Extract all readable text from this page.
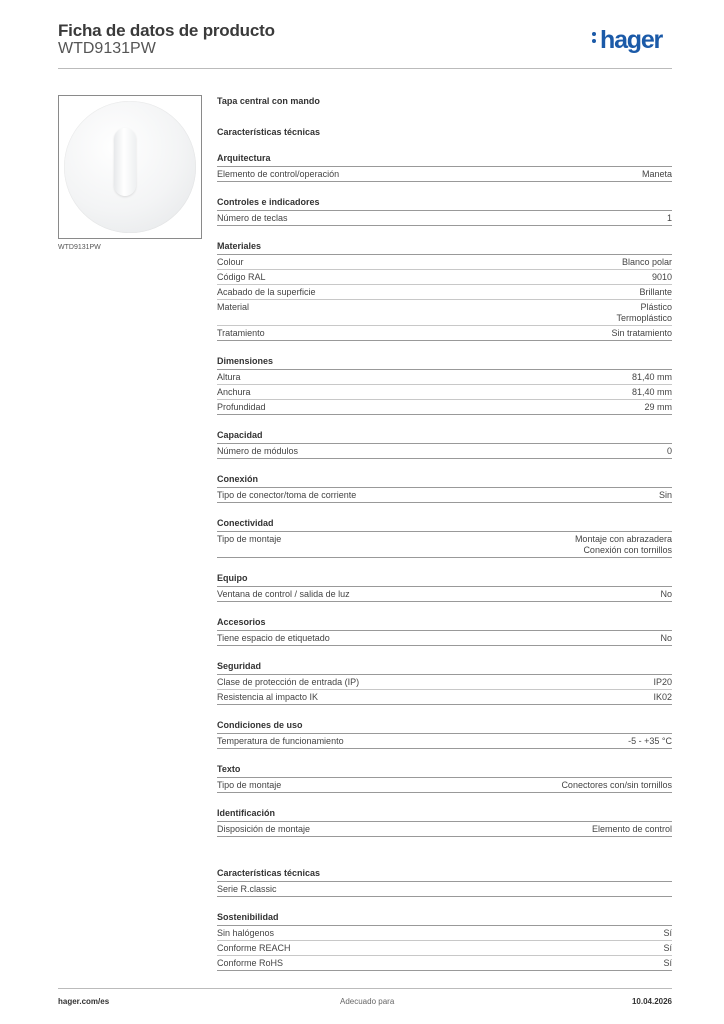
Ficha de datos de producto
WTD9131PW	hager
WTD9131PW
Tapa central con mando
Características técnicas
Arquitectura
Elemento de control/operación	Maneta
Controles e indicadores
Número de teclas	1
Materiales
Colour	Blanco polar
Código RAL	9010
Acabado de la superficie	Brillante
Material	Plástico
Termoplástico
Tratamiento	Sin tratamiento
Dimensiones
Altura	81,40 mm
Anchura	81,40 mm
Profundidad	29 mm
Capacidad
Número de módulos	0
Conexión
Tipo de conector/toma de corriente	Sin
Conectividad
Tipo de montaje	Montaje con abrazadera
Conexión con tornillos
Equipo
Ventana de control / salida de luz	No
Accesorios
Tiene espacio de etiquetado	No
Seguridad
Clase de protección de entrada (IP)	IP20
Resistencia al impacto IK	IK02
Condiciones de uso
Temperatura de funcionamiento	-5 - +35 °C
Texto
Tipo de montaje	Conectores con/sin tornillos
Identificación
Disposición de montaje	Elemento de control
Características técnicas
Serie R.classic
Sostenibilidad
Sin halógenos	Sí
Conforme REACH	Sí
Conforme RoHS	Sí
hager.com/es	Adecuado para	10.04.2026
